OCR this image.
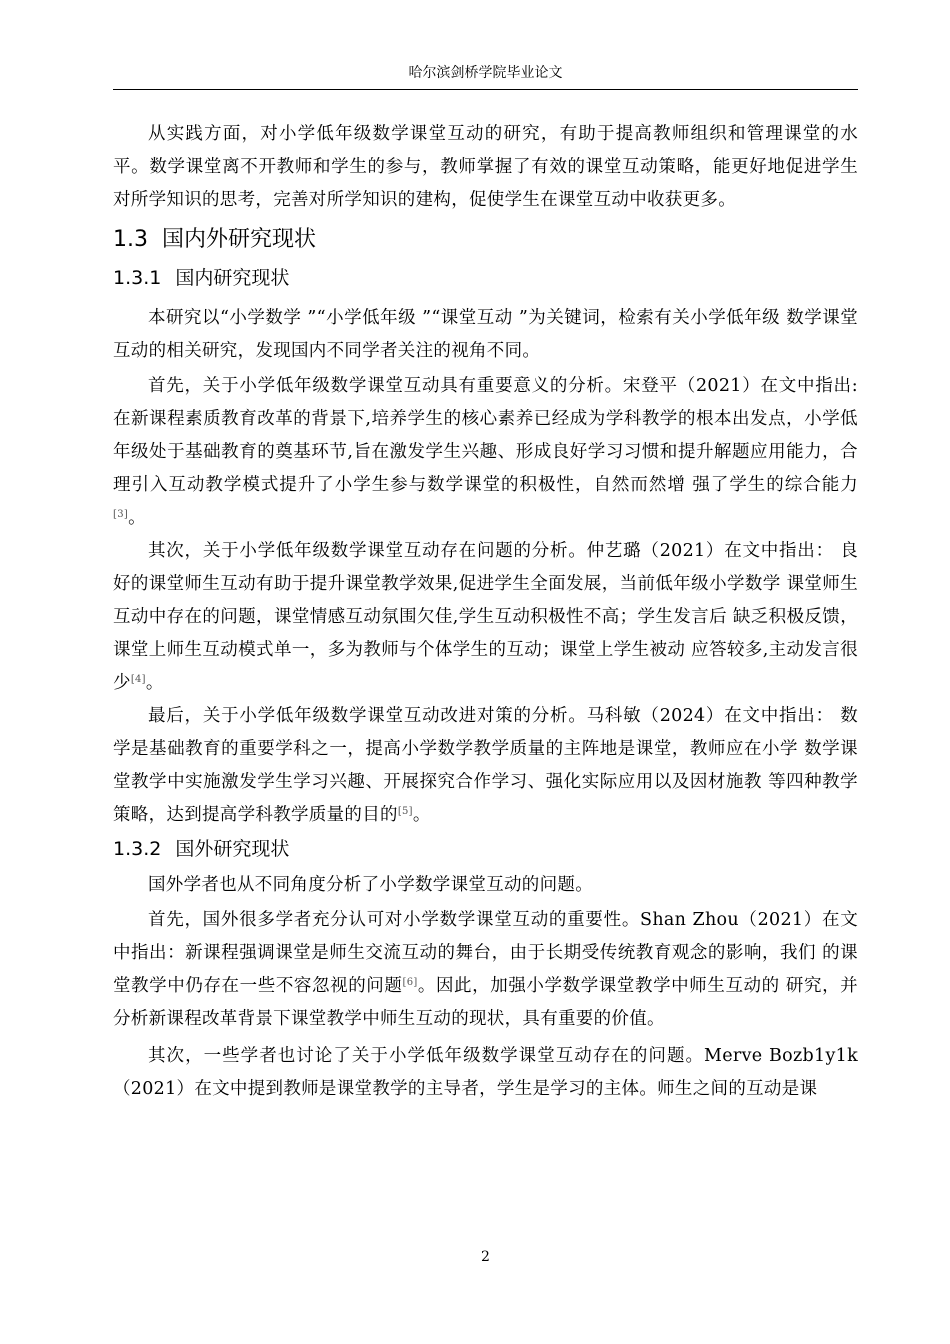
哈尔滨剑桥学院毕业论文

从实践方面，对小学低年级数学课堂互动的研究，有助于提高教师组织和管理课堂的水平。数学课堂离不开教师和学生的参与，教师掌握了有效的课堂互动策略，能更好地促进学生对所学知识的思考，完善对所学知识的建构，促使学生在课堂互动中收获更多。

1.3 国内外研究现状
1.3.1 国内研究现状

本研究以“小学数学 ”“小学低年级 ”“课堂互动 ”为关键词，检索有关小学低年级 数学课堂互动的相关研究，发现国内不同学者关注的视角不同。

首先，关于小学低年级数学课堂互动具有重要意义的分析。宋登平（2021）在文中指出:在新课程素质教育改革的背景下,培养学生的核心素养已经成为学科教学的根本出发点，小学低年级处于基础教育的奠基环节,旨在激发学生兴趣、形成良好学习习惯和提升解题应用能力，合理引入互动教学模式提升了小学生参与数学课堂的积极性，自然而然增 强了学生的综合能力[3]。

其次，关于小学低年级数学课堂互动存在问题的分析。仲艺璐（2021）在文中指出： 良好的课堂师生互动有助于提升课堂教学效果,促进学生全面发展，当前低年级小学数学 课堂师生互动中存在的问题，课堂情感互动氛围欠佳,学生互动积极性不高；学生发言后 缺乏积极反馈，课堂上师生互动模式单一，多为教师与个体学生的互动；课堂上学生被动 应答较多,主动发言很少[4]。

最后，关于小学低年级数学课堂互动改进对策的分析。马科敏（2024）在文中指出： 数学是基础教育的重要学科之一，提高小学数学教学质量的主阵地是课堂，教师应在小学 数学课堂教学中实施激发学生学习兴趣、开展探究合作学习、强化实际应用以及因材施教 等四种教学策略，达到提高学科教学质量的目的[5]。

1.3.2 国外研究现状

国外学者也从不同角度分析了小学数学课堂互动的问题。

首先，国外很多学者充分认可对小学数学课堂互动的重要性。Shan Zhou（2021）在文 中指出：新课程强调课堂是师生交流互动的舞台，由于长期受传统教育观念的影响，我们 的课堂教学中仍存在一些不容忽视的问题[6]。因此，加强小学数学课堂教学中师生互动的 研究，并分析新课程改革背景下课堂教学中师生互动的现状，具有重要的价值。

其次，一些学者也讨论了关于小学低年级数学课堂互动存在的问题。Merve Bozb1y1k（2021）在文中提到教师是课堂教学的主导者，学生是学习的主体。师生之间的互动是课

2
